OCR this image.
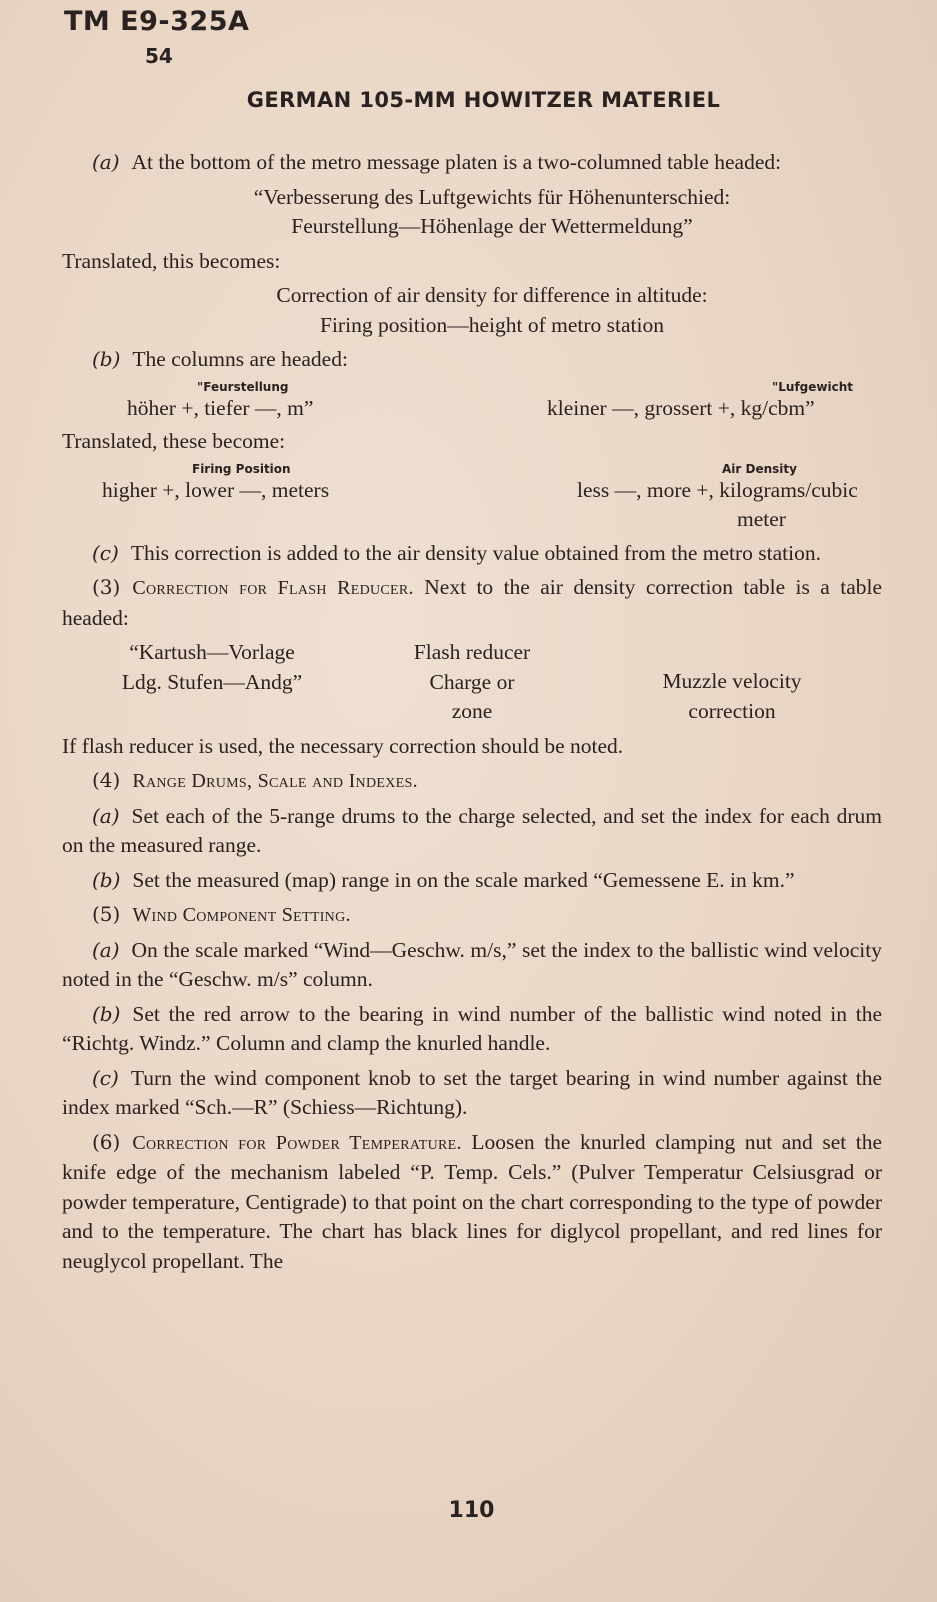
TM E9-325A
54
GERMAN 105-MM HOWITZER MATERIEL

(a) At the bottom of the metro message platen is a two-columned table headed:

“Verbesserung des Luftgewichts für Höhenunterschied:
Feurstellung—Höhenlage der Wettermeldung”

Translated, this becomes:

Correction of air density for difference in altitude:
Firing position—height of metro station

(b) The columns are headed:

"Feurstellung
höher +, tiefer —, m”
"Lufgewicht
kleiner —, grossert +, kg/cbm”

Translated, these become:

Firing Position
higher +, lower —, meters
Air Density
less —, more +, kilograms/cubic
meter

(c) This correction is added to the air density value obtained from the metro station.

(3) Correction for Flash Reducer. Next to the air density correction table is a table headed:

“Kartush—Vorlage
Ldg. Stufen—Andg”
Flash reducer
Charge or
zone
Muzzle velocity
correction

If flash reducer is used, the necessary correction should be noted.

(4) Range Drums, Scale and Indexes.

(a) Set each of the 5-range drums to the charge selected, and set the index for each drum on the measured range.

(b) Set the measured (map) range in on the scale marked “Gemessene E. in km.”

(5) Wind Component Setting.

(a) On the scale marked “Wind—Geschw. m/s,” set the index to the ballistic wind velocity noted in the “Geschw. m/s” column.

(b) Set the red arrow to the bearing in wind number of the ballistic wind noted in the “Richtg. Windz.” Column and clamp the knurled handle.

(c) Turn the wind component knob to set the target bearing in wind number against the index marked “Sch.—R” (Schiess—Richtung).

(6) Correction for Powder Temperature. Loosen the knurled clamping nut and set the knife edge of the mechanism labeled “P. Temp. Cels.” (Pulver Temperatur Celsiusgrad or powder temperature, Centigrade) to that point on the chart corresponding to the type of powder and to the temperature. The chart has black lines for diglycol propellant, and red lines for neuglycol propellant. The

110
